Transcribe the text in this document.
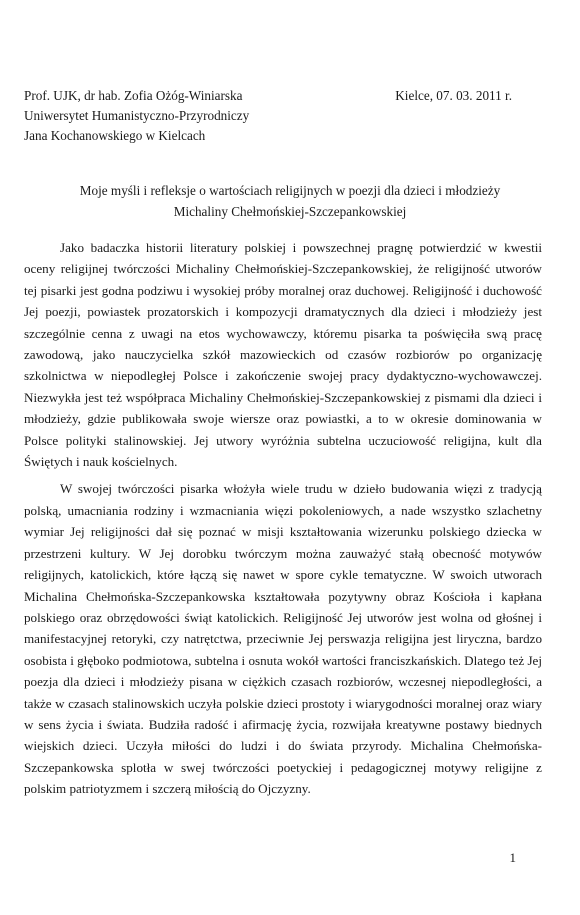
Prof. UJK, dr hab. Zofia Ożóg-Winiarska
Uniwersytet Humanistyczno-Przyrodniczy
Jana Kochanowskiego w Kielcach
Kielce, 07. 03. 2011 r.
Moje myśli i refleksje o wartościach religijnych w poezji dla dzieci i młodzieży
Michaliny Chełmońskiej-Szczepankowskiej

Jako badaczka historii literatury polskiej i powszechnej pragnę potwierdzić w kwestii oceny religijnej twórczości Michaliny Chełmońskiej-Szczepankowskiej, że religijność utworów tej pisarki jest godna podziwu i wysokiej próby moralnej oraz duchowej. Religijność i duchowość Jej poezji, powiastek prozatorskich i kompozycji dramatycznych dla dzieci i młodzieży jest szczególnie cenna z uwagi na etos wychowawczy, któremu pisarka ta poświęciła swą pracę zawodową, jako nauczycielka szkół mazowieckich od czasów rozbiorów po organizację szkolnictwa w niepodległej Polsce i zakończenie swojej pracy dydaktyczno-wychowawczej. Niezwykła jest też współpraca Michaliny Chełmońskiej-Szczepankowskiej z pismami dla dzieci i młodzieży, gdzie publikowała swoje wiersze oraz powiastki, a to w okresie dominowania w Polsce polityki stalinowskiej. Jej utwory wyróżnia subtelna uczuciowość religijna, kult dla Świętych i nauk kościelnych.

W swojej twórczości pisarka włożyła wiele trudu w dzieło budowania więzi z tradycją polską, umacniania rodziny i wzmacniania więzi pokoleniowych, a nade wszystko szlachetny wymiar Jej religijności dał się poznać w misji kształtowania wizerunku polskiego dziecka w przestrzeni kultury. W Jej dorobku twórczym można zauważyć stałą obecność motywów religijnych, katolickich, które łączą się nawet w spore cykle tematyczne. W swoich utworach Michalina Chełmońska-Szczepankowska kształtowała pozytywny obraz Kościoła i kapłana polskiego oraz obrzędowości świąt katolickich. Religijność Jej utworów jest wolna od głośnej i manifestacyjnej retoryki, czy natrętctwa, przeciwnie Jej perswazja religijna jest liryczna, bardzo osobista i głęboko podmiotowa, subtelna i osnuta wokół wartości franciszkańskich. Dlatego też Jej poezja dla dzieci i młodzieży pisana w ciężkich czasach rozbiorów, wczesnej niepodległości, a także w czasach stalinowskich uczyła polskie dzieci prostoty i wiarygodności moralnej oraz wiary w sens życia i świata. Budziła radość i afirmację życia, rozwijała kreatywne postawy biednych wiejskich dzieci. Uczyła miłości do ludzi i do świata przyrody. Michalina Chełmońska-Szczepankowska splotła w swej twórczości poetyckiej i pedagogicznej motywy religijne z polskim patriotyzmem i szczerą miłością do Ojczyzny.

1
